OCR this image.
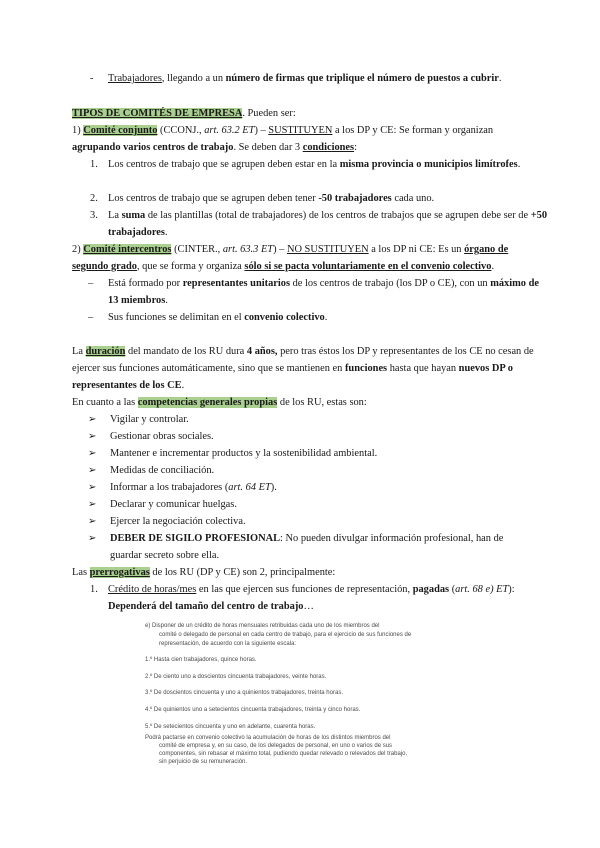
-	Trabajadores, llegando a un número de firmas que triplique el número de puestos a cubrir.
TIPOS DE COMITÉS DE EMPRESA. Pueden ser:
1) Comité conjunto (CCONJ., art. 63.2 ET) – SUSTITUYEN a los DP y CE: Se forman y organizan agrupando varios centros de trabajo. Se deben dar 3 condiciones:
1. Los centros de trabajo que se agrupen deben estar en la misma provincia o municipios limítrofes.
2. Los centros de trabajo que se agrupen deben tener -50 trabajadores cada uno.
3. La suma de las plantillas (total de trabajadores) de los centros de trabajos que se agrupen debe ser de +50 trabajadores.
2) Comité intercentros (CINTER., art. 63.3 ET) – NO SUSTITUYEN a los DP ni CE: Es un órgano de segundo grado, que se forma y organiza sólo si se pacta voluntariamente en el convenio colectivo.
–	Está formado por representantes unitarios de los centros de trabajo (los DP o CE), con un máximo de 13 miembros.
–	Sus funciones se delimitan en el convenio colectivo.
La duración del mandato de los RU dura 4 años, pero tras éstos los DP y representantes de los CE no cesan de ejercer sus funciones automáticamente, sino que se mantienen en funciones hasta que hayan nuevos DP o representantes de los CE.
En cuanto a las competencias generales propias de los RU, estas son:
➢ Vigilar y controlar.
➢ Gestionar obras sociales.
➢ Mantener e incrementar productos y la sostenibilidad ambiental.
➢ Medidas de conciliación.
➢ Informar a los trabajadores (art. 64 ET).
➢ Declarar y comunicar huelgas.
➢ Ejercer la negociación colectiva.
➢ DEBER DE SIGILO PROFESIONAL: No pueden divulgar información profesional, han de guardar secreto sobre ella.
Las prerrogativas de los RU (DP y CE) son 2, principalmente:
1. Crédito de horas/mes en las que ejercen sus funciones de representación, pagadas (art. 68 e) ET):
Dependerá del tamaño del centro de trabajo…
e) Disponer de un crédito de horas mensuales retribuidas cada uno de los miembros del
comité o delegado de personal en cada centro de trabajo, para el ejercicio de sus funciones de
representación, de acuerdo con la siguiente escala:
1.º Hasta cien trabajadores, quince horas.
2.º De ciento uno a doscientos cincuenta trabajadores, veinte horas.
3.º De doscientos cincuenta y uno a quinientos trabajadores, treinta horas.
4.º De quinientos uno a setecientos cincuenta trabajadores, treinta y cinco horas.
5.º De setecientos cincuenta y uno en adelante, cuarenta horas.
Podrá pactarse en convenio colectivo la acumulación de horas de los distintos miembros del
comité de empresa y, en su caso, de los delegados de personal, en uno o varios de sus
componentes, sin rebasar el máximo total, pudiendo quedar relevado o relevados del trabajo,
sin perjuicio de su remuneración.
